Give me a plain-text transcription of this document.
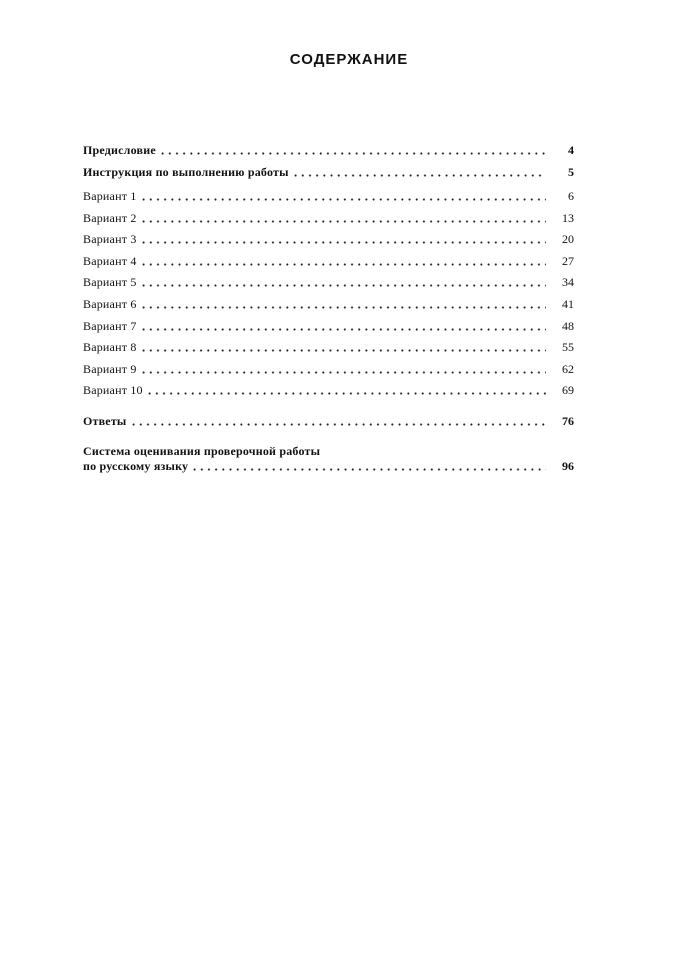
СОДЕРЖАНИЕ
Предисловие	4
Инструкция по выполнению работы	5
Вариант 1	6
Вариант 2	13
Вариант 3	20
Вариант 4	27
Вариант 5	34
Вариант 6	41
Вариант 7	48
Вариант 8	55
Вариант 9	62
Вариант 10	69
Ответы	76
Система оценивания проверочной работы
по русскому языку	96
